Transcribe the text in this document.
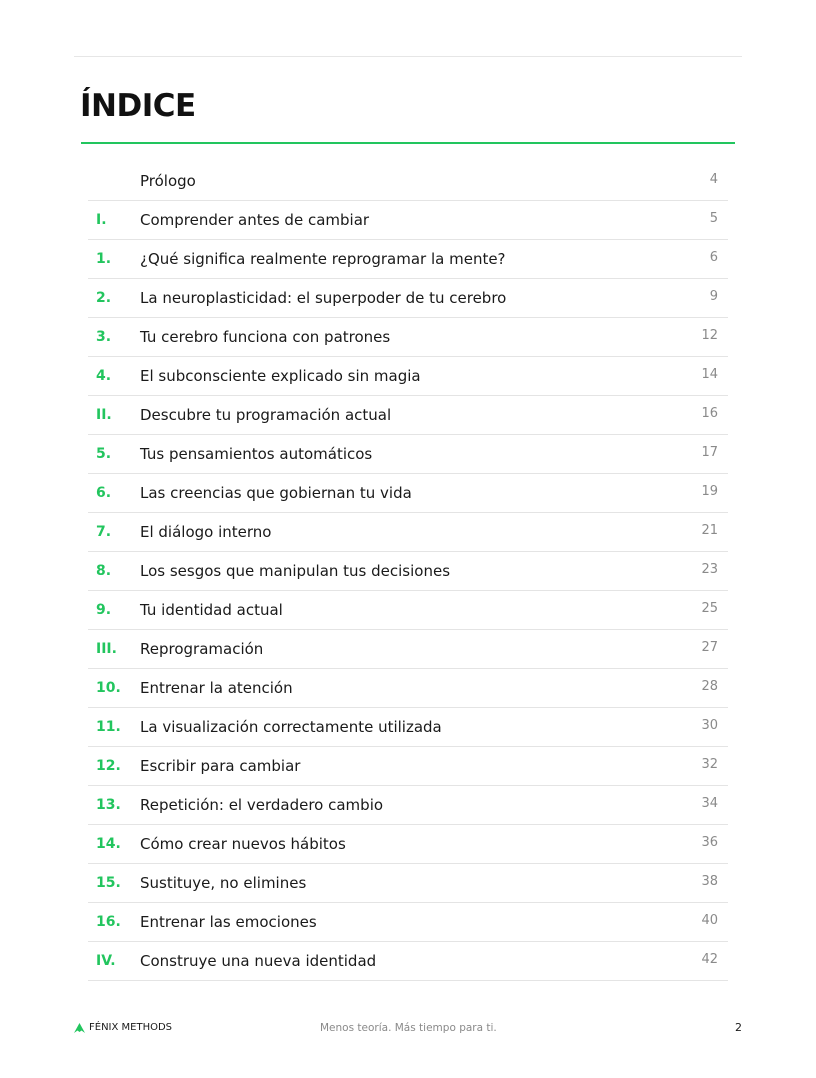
ÍNDICE
Prólogo	4
I. Comprender antes de cambiar	5
1. ¿Qué significa realmente reprogramar la mente?	6
2. La neuroplasticidad: el superpoder de tu cerebro	9
3. Tu cerebro funciona con patrones	12
4. El subconsciente explicado sin magia	14
II. Descubre tu programación actual	16
5. Tus pensamientos automáticos	17
6. Las creencias que gobiernan tu vida	19
7. El diálogo interno	21
8. Los sesgos que manipulan tus decisiones	23
9. Tu identidad actual	25
III. Reprogramación	27
10. Entrenar la atención	28
11. La visualización correctamente utilizada	30
12. Escribir para cambiar	32
13. Repetición: el verdadero cambio	34
14. Cómo crear nuevos hábitos	36
15. Sustituye, no elimines	38
16. Entrenar las emociones	40
IV. Construye una nueva identidad	42
FÉNIX METHODS	Menos teoría. Más tiempo para ti.	2
